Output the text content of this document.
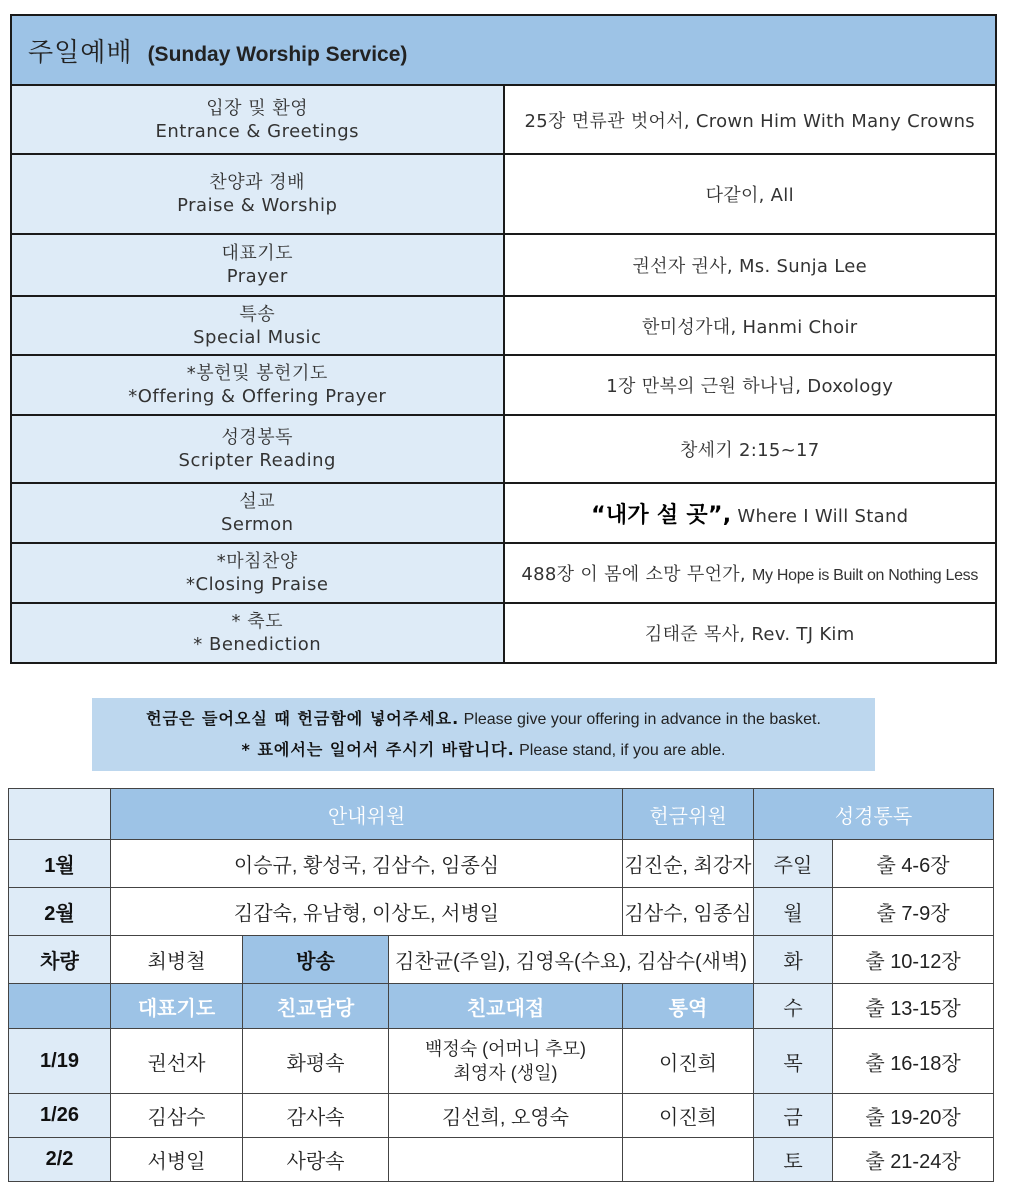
주일예배 (Sunday Worship Service)	

입장 및 환영
Entrance & Greetings	25장 면류관 벗어서, Crown Him With Many Crowns

찬양과 경배
Praise & Worship	다같이, All

대표기도
Prayer	권선자 권사, Ms. Sunja Lee

특송
Special Music	한미성가대, Hanmi Choir

*봉헌및 봉헌기도
*Offering & Offering Prayer	1장 만복의 근원 하나님, Doxology

성경봉독
Scripter Reading	창세기 2:15~17

설교
Sermon	“내가 설 곳”, Where I Will Stand

*마침찬양
*Closing Praise	488장 이 몸에 소망 무언가, My Hope is Built on Nothing Less

* 축도
* Benediction	김태준 목사, Rev. TJ Kim
헌금은 들어오실 때 헌금함에 넣어주세요. Please give your offering in advance in the basket.
* 표에서는 일어서 주시기 바랍니다. Please stand, if you are able.
	안내위원			헌금위원	성경통독	
1월	이승규, 황성국, 김삼수, 임종심			김진순, 최강자	주일	출 4-6장
2월	김갑숙, 유남형, 이상도, 서병일			김삼수, 임종심	월	출 7-9장
차량	최병철	방송	김찬균(주일), 김영옥(수요), 김삼수(새벽)		화	출 10-12장
	대표기도	친교담당	친교대접	통역	수	출 13-15장
1/19	권선자	화평속	백정숙 (어머니 추모)
최영자 (생일)	이진희	목	출 16-18장
1/26	김삼수	감사속	김선희, 오영숙	이진희	금	출 19-20장
2/2	서병일	사랑속			토	출 21-24장
